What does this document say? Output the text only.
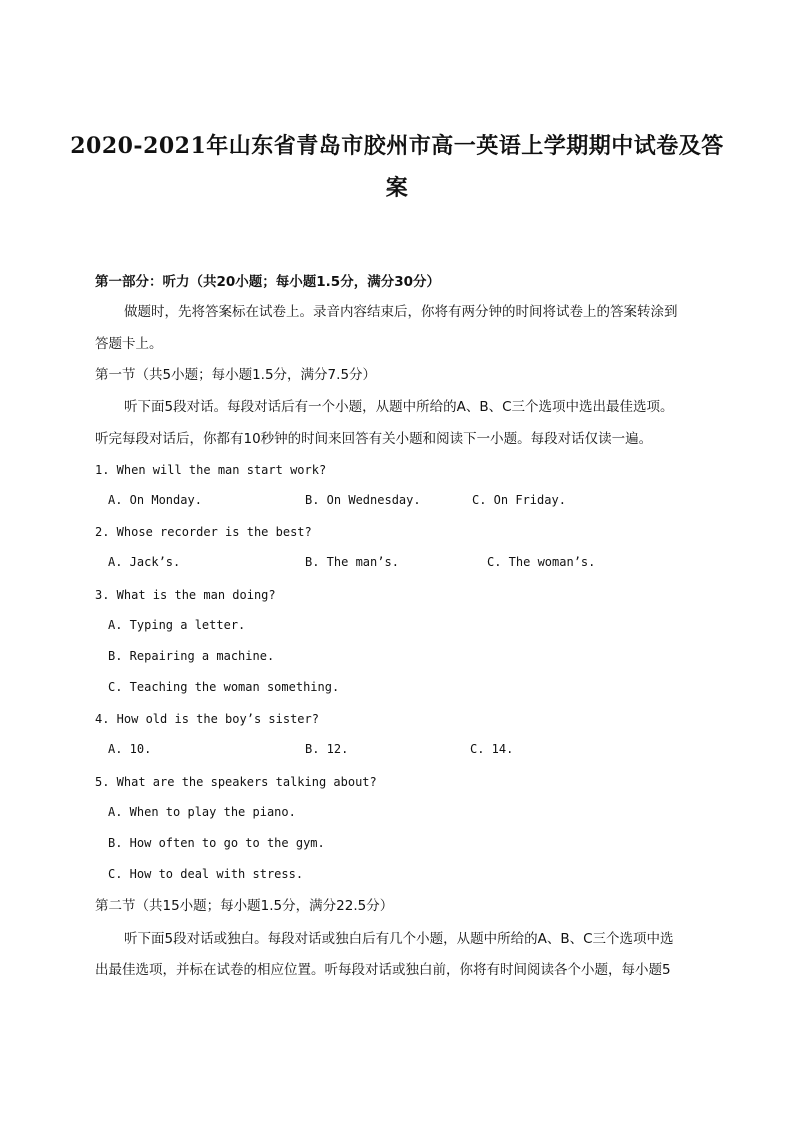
2020-2021年山东省青岛市胶州市高一英语上学期期中试卷及答
案
第一部分：听力（共20小题；每小题1.5分，满分30分）
做题时，先将答案标在试卷上。录音内容结束后，你将有两分钟的时间将试卷上的答案转涂到
答题卡上。
第一节（共5小题；每小题1.5分，满分7.5分）
听下面5段对话。每段对话后有一个小题，从题中所给的A、B、C三个选项中选出最佳选项。
听完每段对话后，你都有10秒钟的时间来回答有关小题和阅读下一小题。每段对话仅读一遍。
1. When will the man start work?
A. On Monday.	B. On Wednesday.	C. On Friday.
2. Whose recorder is the best?
A. Jack’s.	B. The man’s.	C. The woman’s.
3. What is the man doing?
A. Typing a letter.
B. Repairing a machine.
C. Teaching the woman something.
4. How old is the boy’s sister?
A. 10.	B. 12.	C. 14.
5. What are the speakers talking about?
A. When to play the piano.
B. How often to go to the gym.
C. How to deal with stress.
第二节（共15小题；每小题1.5分，满分22.5分）
听下面5段对话或独白。每段对话或独白后有几个小题，从题中所给的A、B、C三个选项中选
出最佳选项，并标在试卷的相应位置。听每段对话或独白前，你将有时间阅读各个小题，每小题5
